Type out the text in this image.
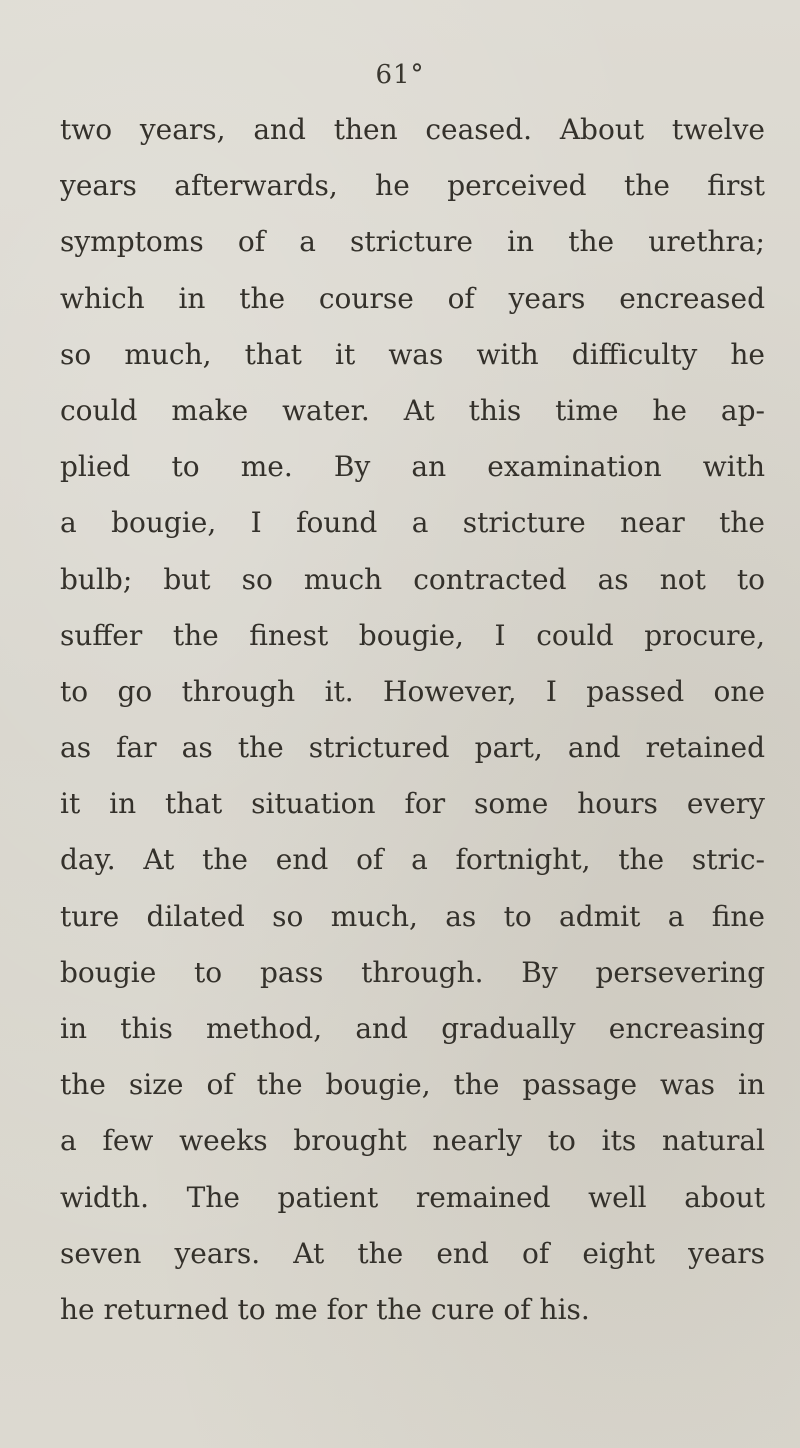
61°
two years, and then ceased. About twelve
years afterwards, he perceived the first
symptoms of a stricture in the urethra;
which in the course of years encreased
so much, that it was with difficulty he
could make water. At this time he ap-
plied to me. By an examination with
a bougie, I found a stricture near the
bulb; but so much contracted as not to
suffer the finest bougie, I could procure,
to go through it. However, I passed one
as far as the strictured part, and retained
it in that situation for some hours every
day. At the end of a fortnight, the stric-
ture dilated so much, as to admit a fine
bougie to pass through. By persevering
in this method, and gradually encreasing
the size of the bougie, the passage was in
a few weeks brought nearly to its natural
width. The patient remained well about
seven years. At the end of eight years
he returned to me for the cure of his.
